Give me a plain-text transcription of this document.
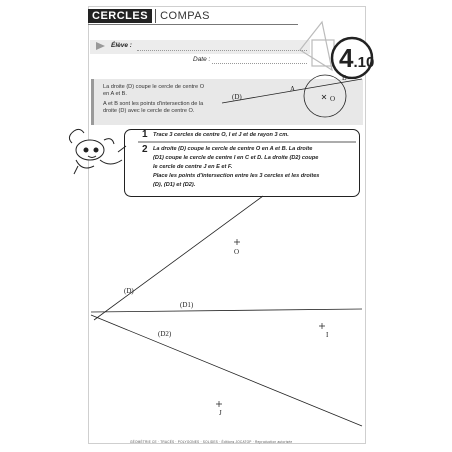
CERCLES	COMPAS
Élève :
Date :	4.10

La droite (D) coupe le cercle de centre O

en A et B.

A et B sont les points d'intersection de la

droite (D) avec le cercle de centre O.

(D)
A
B
O
1 Trace 3 cercles de centre O, I et J et de rayon 3 cm.
2 La droite (D) coupe le cercle de centre O en A et B. La droite
(D1) coupe le cercle de centre I en C et D. La droite (D2) coupe
le cercle de centre J en E et F.
Place les points d'intersection entre les 3 cercles et les droites
(D), (D1) et (D2).
(D)
(D1)
(D2)
O
I
J
GÉOMÉTRIE CE · TRACÉS · POLYGONES · SOLIDES · Éditions JOCATOP · Reproduction autorisée
